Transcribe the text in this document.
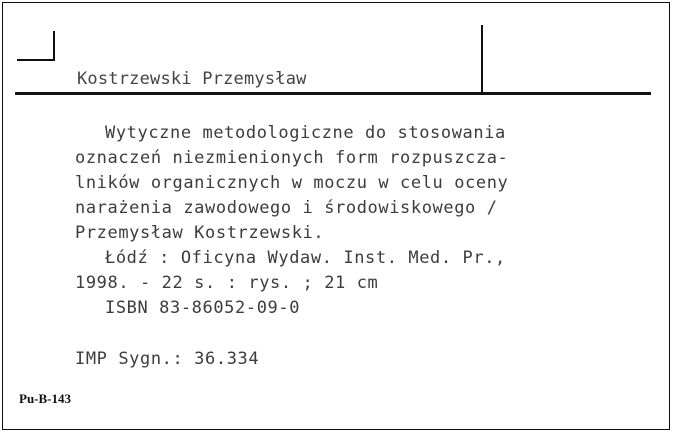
Kostrzewski Przemysław
Wytyczne metodologiczne do stosowania
oznaczeń niezmienionych form rozpuszcza-
lników organicznych w moczu w celu oceny
narażenia zawodowego i środowiskowego /
Przemysław Kostrzewski.
Łódź : Oficyna Wydaw. Inst. Med. Pr.,
1998. - 22 s. : rys. ; 21 cm
ISBN 83-86052-09-0
IMP Sygn.: 36.334
Pu-B-143
